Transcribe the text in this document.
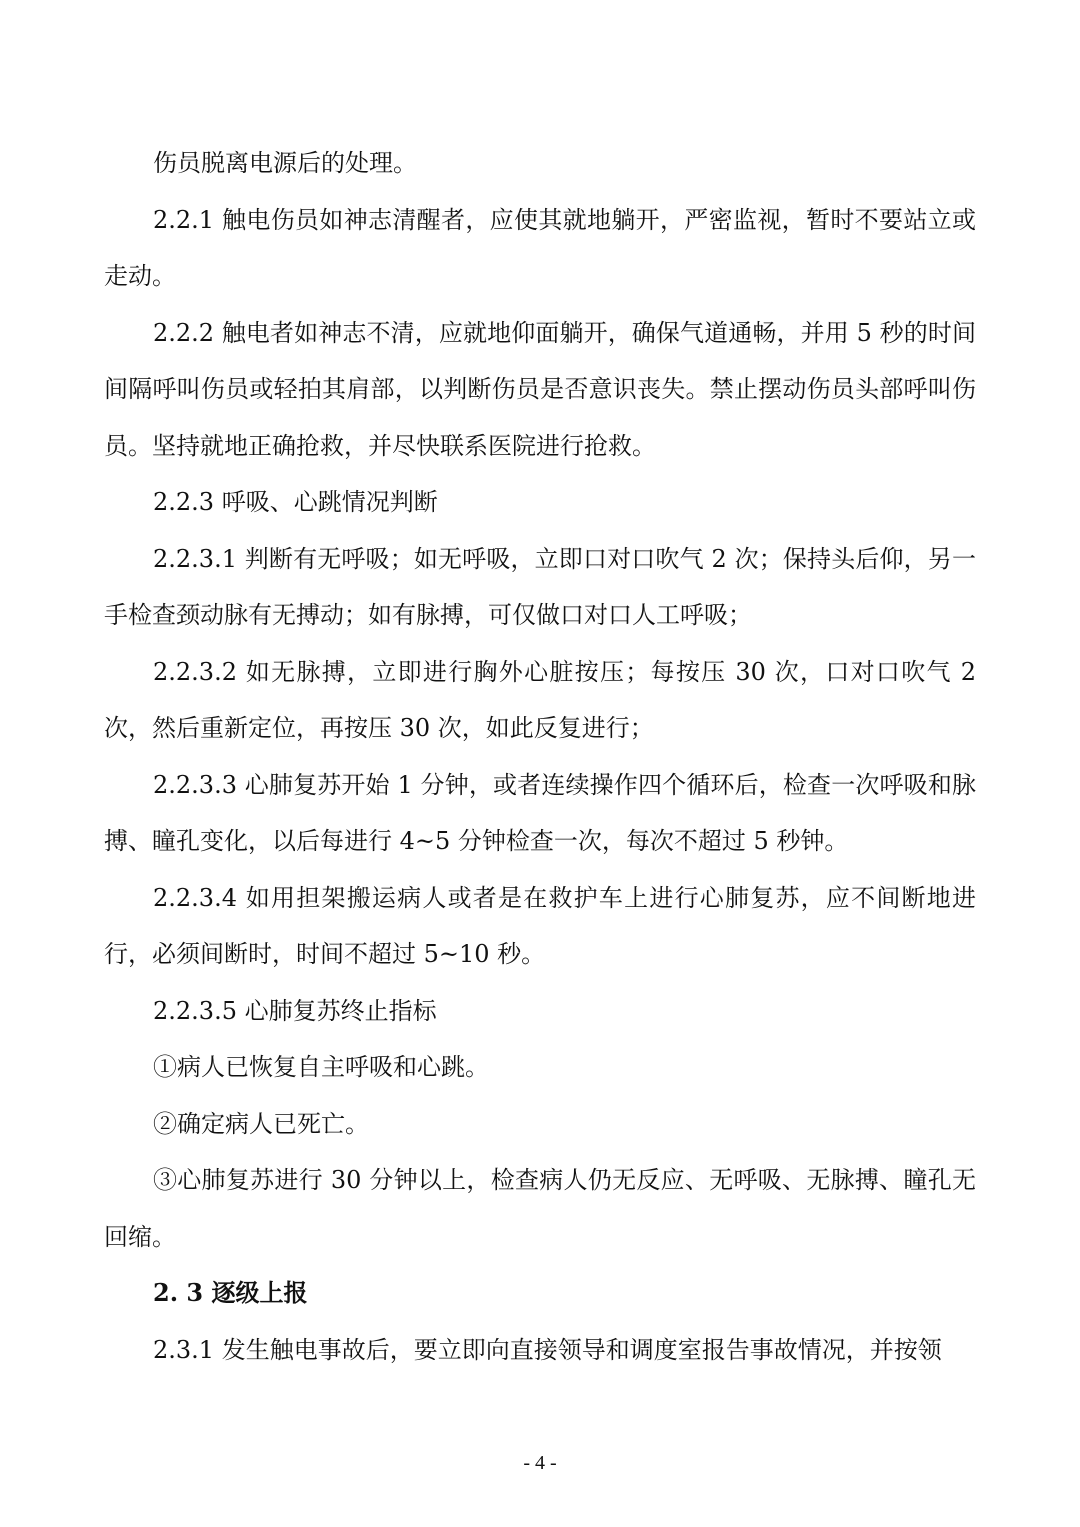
伤员脱离电源后的处理。

2.2.1 触电伤员如神志清醒者，应使其就地躺开，严密监视，暂时不要站立或走动。

2.2.2 触电者如神志不清，应就地仰面躺开，确保气道通畅，并用 5 秒的时间间隔呼叫伤员或轻拍其肩部，以判断伤员是否意识丧失。禁止摆动伤员头部呼叫伤员。坚持就地正确抢救，并尽快联系医院进行抢救。

2.2.3 呼吸、心跳情况判断

2.2.3.1 判断有无呼吸；如无呼吸，立即口对口吹气 2 次；保持头后仰，另一手检查颈动脉有无搏动；如有脉搏，可仅做口对口人工呼吸；

2.2.3.2 如无脉搏，立即进行胸外心脏按压；每按压 30 次，口对口吹气 2 次，然后重新定位，再按压 30 次，如此反复进行；

2.2.3.3 心肺复苏开始 1 分钟，或者连续操作四个循环后，检查一次呼吸和脉搏、瞳孔变化，以后每进行 4~5 分钟检查一次，每次不超过 5 秒钟。

2.2.3.4 如用担架搬运病人或者是在救护车上进行心肺复苏，应不间断地进行，必须间断时，时间不超过 5~10 秒。

2.2.3.5 心肺复苏终止指标

①病人已恢复自主呼吸和心跳。

②确定病人已死亡。

③心肺复苏进行 30 分钟以上，检查病人仍无反应、无呼吸、无脉搏、瞳孔无回缩。

2. 3 逐级上报

2.3.1 发生触电事故后，要立即向直接领导和调度室报告事故情况，并按领

- 4 -
